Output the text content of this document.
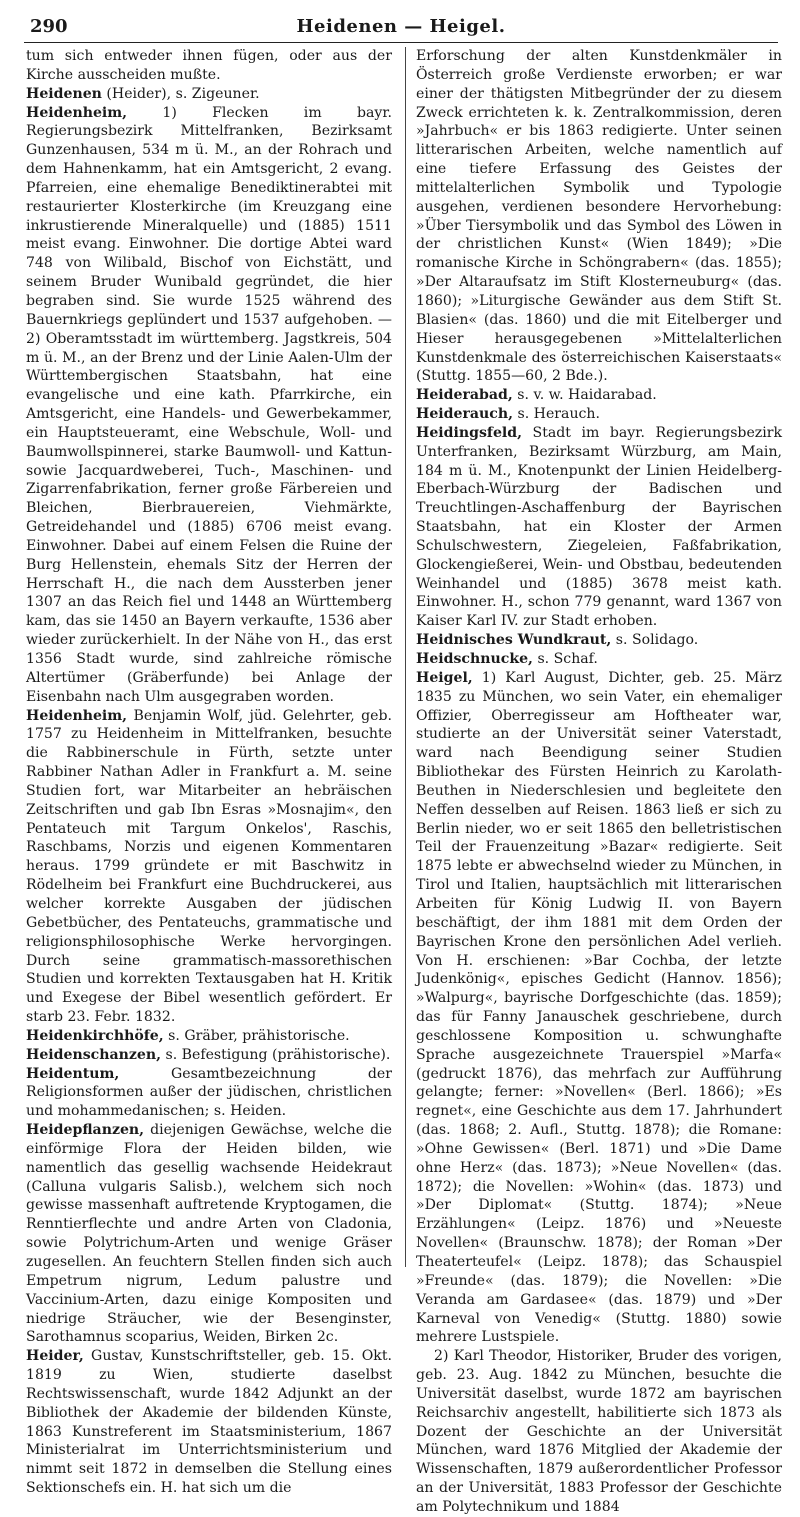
290	Heidenen — Heigel.

tum sich entweder ihnen fügen, oder aus der Kirche ausscheiden mußte.

Heidenen (Heider), s. Zigeuner.

Heidenheim, 1) Flecken im bayr. Regierungsbezirk Mittelfranken, Bezirksamt Gunzenhausen, 534 m ü. M., an der Rohrach und dem Hahnenkamm, hat ein Amtsgericht, 2 evang. Pfarreien, eine ehemalige Benediktinerabtei mit restaurierter Klosterkirche (im Kreuzgang eine inkrustierende Mineralquelle) und (1885) 1511 meist evang. Einwohner. Die dortige Abtei ward 748 von Wilibald, Bischof von Eichstätt, und seinem Bruder Wunibald gegründet, die hier begraben sind. Sie wurde 1525 während des Bauernkriegs geplündert und 1537 aufgehoben. — 2) Oberamtsstadt im württemberg. Jagstkreis, 504 m ü. M., an der Brenz und der Linie Aalen-Ulm der Württembergischen Staatsbahn, hat eine evangelische und eine kath. Pfarrkirche, ein Amtsgericht, eine Handels- und Gewerbekammer, ein Hauptsteueramt, eine Webschule, Woll- und Baumwollspinnerei, starke Baumwoll- und Kattun- sowie Jacquardweberei, Tuch-, Maschinen- und Zigarrenfabrikation, ferner große Färbereien und Bleichen, Bierbrauereien, Viehmärkte, Getreidehandel und (1885) 6706 meist evang. Einwohner. Dabei auf einem Felsen die Ruine der Burg Hellenstein, ehemals Sitz der Herren der Herrschaft H., die nach dem Aussterben jener 1307 an das Reich fiel und 1448 an Württemberg kam, das sie 1450 an Bayern verkaufte, 1536 aber wieder zurückerhielt. In der Nähe von H., das erst 1356 Stadt wurde, sind zahlreiche römische Altertümer (Gräberfunde) bei Anlage der Eisenbahn nach Ulm ausgegraben worden.

Heidenheim, Benjamin Wolf, jüd. Gelehrter, geb. 1757 zu Heidenheim in Mittelfranken, besuchte die Rabbinerschule in Fürth, setzte unter Rabbiner Nathan Adler in Frankfurt a. M. seine Studien fort, war Mitarbeiter an hebräischen Zeitschriften und gab Ibn Esras »Mosnajim«, den Pentateuch mit Targum Onkelos', Raschis, Raschbams, Norzis und eigenen Kommentaren heraus. 1799 gründete er mit Baschwitz in Rödelheim bei Frankfurt eine Buchdruckerei, aus welcher korrekte Ausgaben der jüdischen Gebetbücher, des Pentateuchs, grammatische und religionsphilosophische Werke hervorgingen. Durch seine grammatisch-massorethischen Studien und korrekten Textausgaben hat H. Kritik und Exegese der Bibel wesentlich gefördert. Er starb 23. Febr. 1832.

Heidenkirchhöfe, s. Gräber, prähistorische.

Heidenschanzen, s. Befestigung (prähistorische).

Heidentum, Gesamtbezeichnung der Religionsformen außer der jüdischen, christlichen und mohammedanischen; s. Heiden.

Heidepflanzen, diejenigen Gewächse, welche die einförmige Flora der Heiden bilden, wie namentlich das gesellig wachsende Heidekraut (Calluna vulgaris Salisb.), welchem sich noch gewisse massenhaft auftretende Kryptogamen, die Renntierflechte und andre Arten von Cladonia, sowie Polytrichum-Arten und wenige Gräser zugesellen. An feuchtern Stellen finden sich auch Empetrum nigrum, Ledum palustre und Vaccinium-Arten, dazu einige Kompositen und niedrige Sträucher, wie der Besenginster, Sarothamnus scoparius, Weiden, Birken 2c.

Heider, Gustav, Kunstschriftsteller, geb. 15. Okt. 1819 zu Wien, studierte daselbst Rechtswissenschaft, wurde 1842 Adjunkt an der Bibliothek der Akademie der bildenden Künste, 1863 Kunstreferent im Staatsministerium, 1867 Ministerialrat im Unterrichtsministerium und nimmt seit 1872 in demselben die Stellung eines Sektionschefs ein. H. hat sich um die

Erforschung der alten Kunstdenkmäler in Österreich große Verdienste erworben; er war einer der thätigsten Mitbegründer der zu diesem Zweck errichteten k. k. Zentralkommission, deren »Jahrbuch« er bis 1863 redigierte. Unter seinen litterarischen Arbeiten, welche namentlich auf eine tiefere Erfassung des Geistes der mittelalterlichen Symbolik und Typologie ausgehen, verdienen besondere Hervorhebung: »Über Tiersymbolik und das Symbol des Löwen in der christlichen Kunst« (Wien 1849); »Die romanische Kirche in Schöngrabern« (das. 1855); »Der Altaraufsatz im Stift Klosterneuburg« (das. 1860); »Liturgische Gewänder aus dem Stift St. Blasien« (das. 1860) und die mit Eitelberger und Hieser herausgegebenen »Mittelalterlichen Kunstdenkmale des österreichischen Kaiserstaats« (Stuttg. 1855—60, 2 Bde.).

Heiderabad, s. v. w. Haidarabad.

Heiderauch, s. Herauch.

Heidingsfeld, Stadt im bayr. Regierungsbezirk Unterfranken, Bezirksamt Würzburg, am Main, 184 m ü. M., Knotenpunkt der Linien Heidelberg-Eberbach-Würzburg der Badischen und Treuchtlingen-Aschaffenburg der Bayrischen Staatsbahn, hat ein Kloster der Armen Schulschwestern, Ziegeleien, Faßfabrikation, Glockengießerei, Wein- und Obstbau, bedeutenden Weinhandel und (1885) 3678 meist kath. Einwohner. H., schon 779 genannt, ward 1367 von Kaiser Karl IV. zur Stadt erhoben.

Heidnisches Wundkraut, s. Solidago.

Heidschnucke, s. Schaf.

Heigel, 1) Karl August, Dichter, geb. 25. März 1835 zu München, wo sein Vater, ein ehemaliger Offizier, Oberregisseur am Hoftheater war, studierte an der Universität seiner Vaterstadt, ward nach Beendigung seiner Studien Bibliothekar des Fürsten Heinrich zu Karolath-Beuthen in Niederschlesien und begleitete den Neffen desselben auf Reisen. 1863 ließ er sich zu Berlin nieder, wo er seit 1865 den belletristischen Teil der Frauenzeitung »Bazar« redigierte. Seit 1875 lebte er abwechselnd wieder zu München, in Tirol und Italien, hauptsächlich mit litterarischen Arbeiten für König Ludwig II. von Bayern beschäftigt, der ihm 1881 mit dem Orden der Bayrischen Krone den persönlichen Adel verlieh. Von H. erschienen: »Bar Cochba, der letzte Judenkönig«, episches Gedicht (Hannov. 1856); »Walpurg«, bayrische Dorfgeschichte (das. 1859); das für Fanny Janauschek geschriebene, durch geschlossene Komposition u. schwunghafte Sprache ausgezeichnete Trauerspiel »Marfa« (gedruckt 1876), das mehrfach zur Aufführung gelangte; ferner: »Novellen« (Berl. 1866); »Es regnet«, eine Geschichte aus dem 17. Jahrhundert (das. 1868; 2. Aufl., Stuttg. 1878); die Romane: »Ohne Gewissen« (Berl. 1871) und »Die Dame ohne Herz« (das. 1873); »Neue Novellen« (das. 1872); die Novellen: »Wohin« (das. 1873) und »Der Diplomat« (Stuttg. 1874); »Neue Erzählungen« (Leipz. 1876) und »Neueste Novellen« (Braunschw. 1878); der Roman »Der Theaterteufel« (Leipz. 1878); das Schauspiel »Freunde« (das. 1879); die Novellen: »Die Veranda am Gardasee« (das. 1879) und »Der Karneval von Venedig« (Stuttg. 1880) sowie mehrere Lustspiele.

2) Karl Theodor, Historiker, Bruder des vorigen, geb. 23. Aug. 1842 zu München, besuchte die Universität daselbst, wurde 1872 am bayrischen Reichsarchiv angestellt, habilitierte sich 1873 als Dozent der Geschichte an der Universität München, ward 1876 Mitglied der Akademie der Wissenschaften, 1879 außerordentlicher Professor an der Universität, 1883 Professor der Geschichte am Polytechnikum und 1884
